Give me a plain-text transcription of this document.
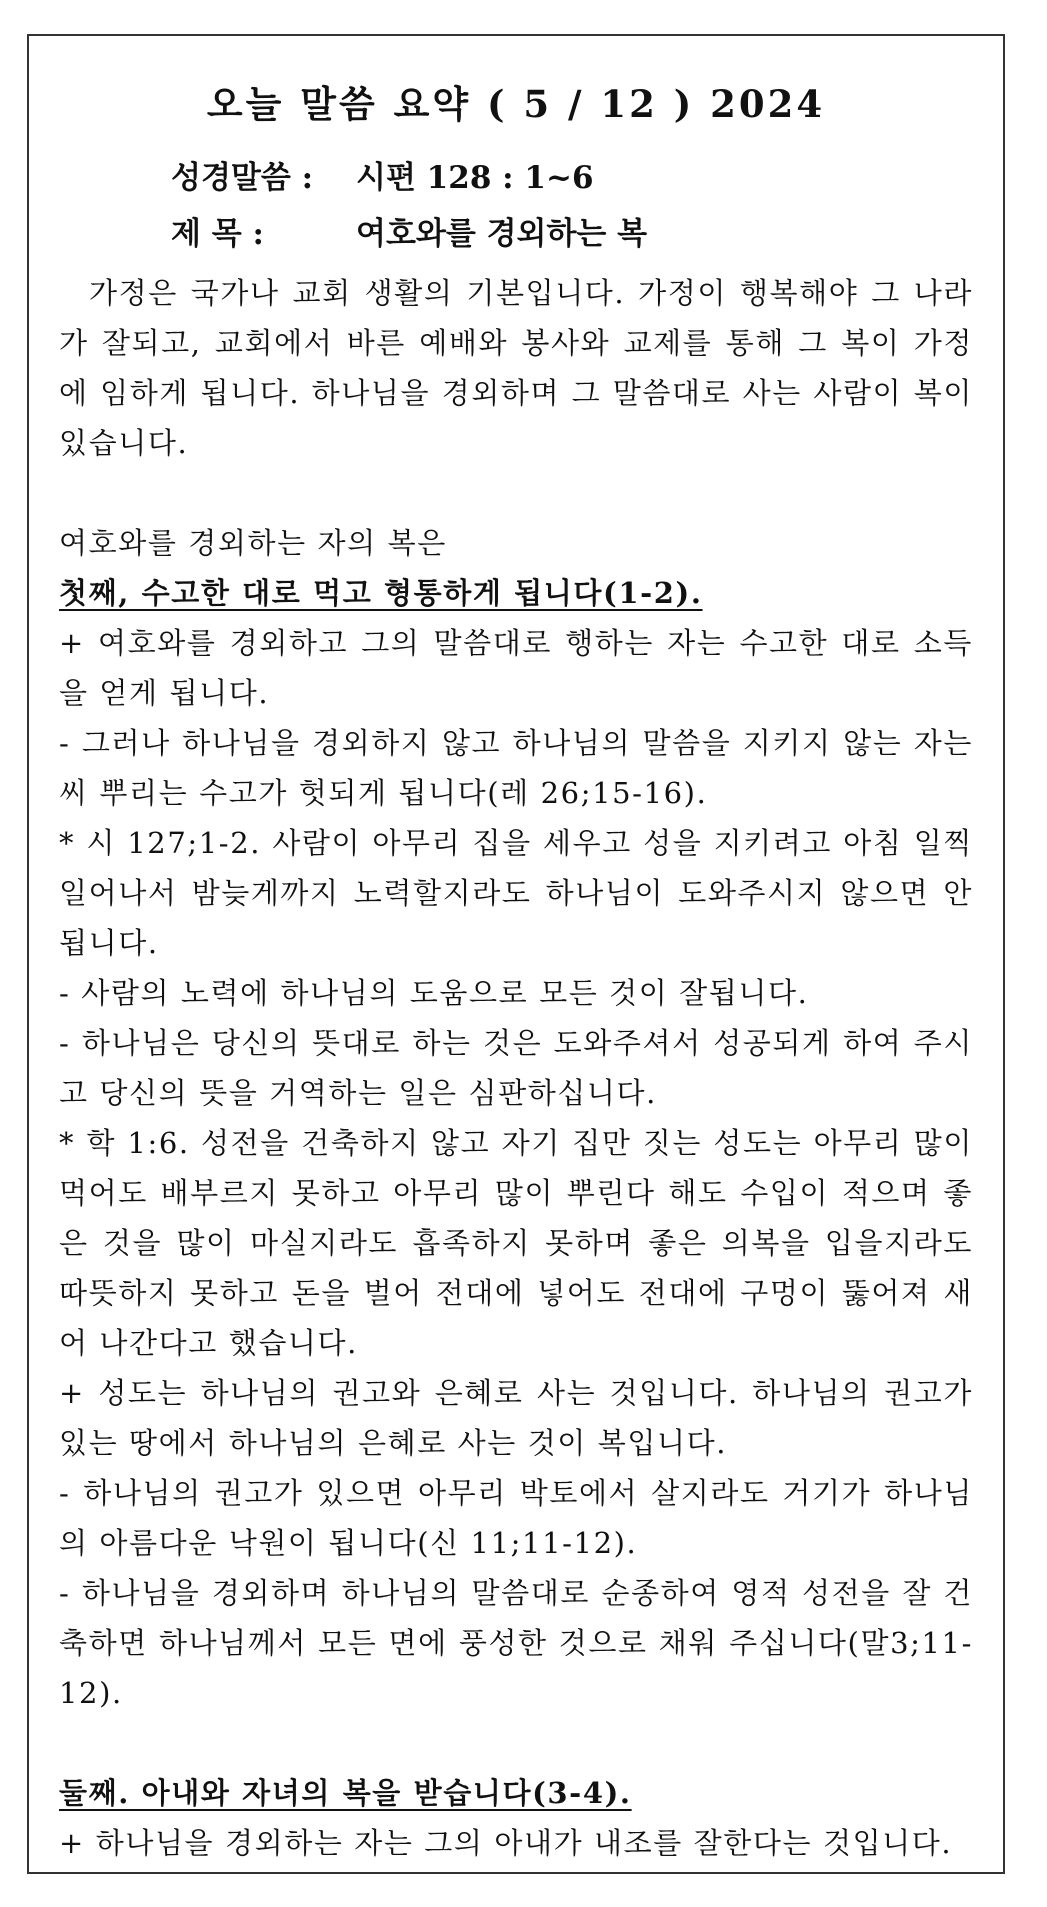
오늘 말씀 요약 ( 5 / 12 ) 2024
성경말씀 : 시편 128 : 1~6
제 목 :	여호와를 경외하는 복

가정은 국가나 교회 생활의 기본입니다. 가정이 행복해야 그 나라가 잘되고, 교회에서 바른 예배와 봉사와 교제를 통해 그 복이 가정에 임하게 됩니다. 하나님을 경외하며 그 말씀대로 사는 사람이 복이 있습니다.

여호와를 경외하는 자의 복은

첫째, 수고한 대로 먹고 형통하게 됩니다(1-2).

+ 여호와를 경외하고 그의 말씀대로 행하는 자는 수고한 대로 소득을 얻게 됩니다.

- 그러나 하나님을 경외하지 않고 하나님의 말씀을 지키지 않는 자는 씨 뿌리는 수고가 헛되게 됩니다(레 26;15-16).

* 시 127;1-2. 사람이 아무리 집을 세우고 성을 지키려고 아침 일찍 일어나서 밤늦게까지 노력할지라도 하나님이 도와주시지 않으면 안 됩니다.

- 사람의 노력에 하나님의 도움으로 모든 것이 잘됩니다.

- 하나님은 당신의 뜻대로 하는 것은 도와주셔서 성공되게 하여 주시고 당신의 뜻을 거역하는 일은 심판하십니다.

* 학 1:6. 성전을 건축하지 않고 자기 집만 짓는 성도는 아무리 많이 먹어도 배부르지 못하고 아무리 많이 뿌린다 해도 수입이 적으며 좋은 것을 많이 마실지라도 흡족하지 못하며 좋은 의복을 입을지라도 따뜻하지 못하고 돈을 벌어 전대에 넣어도 전대에 구멍이 뚫어져 새어 나간다고 했습니다.

+ 성도는 하나님의 권고와 은혜로 사는 것입니다. 하나님의 권고가 있는 땅에서 하나님의 은혜로 사는 것이 복입니다.

- 하나님의 권고가 있으면 아무리 박토에서 살지라도 거기가 하나님의 아름다운 낙원이 됩니다(신 11;11-12).

- 하나님을 경외하며 하나님의 말씀대로 순종하여 영적 성전을 잘 건축하면 하나님께서 모든 면에 풍성한 것으로 채워 주십니다(말3;11-12).

둘째. 아내와 자녀의 복을 받습니다(3-4).

+ 하나님을 경외하는 자는 그의 아내가 내조를 잘한다는 것입니다.
